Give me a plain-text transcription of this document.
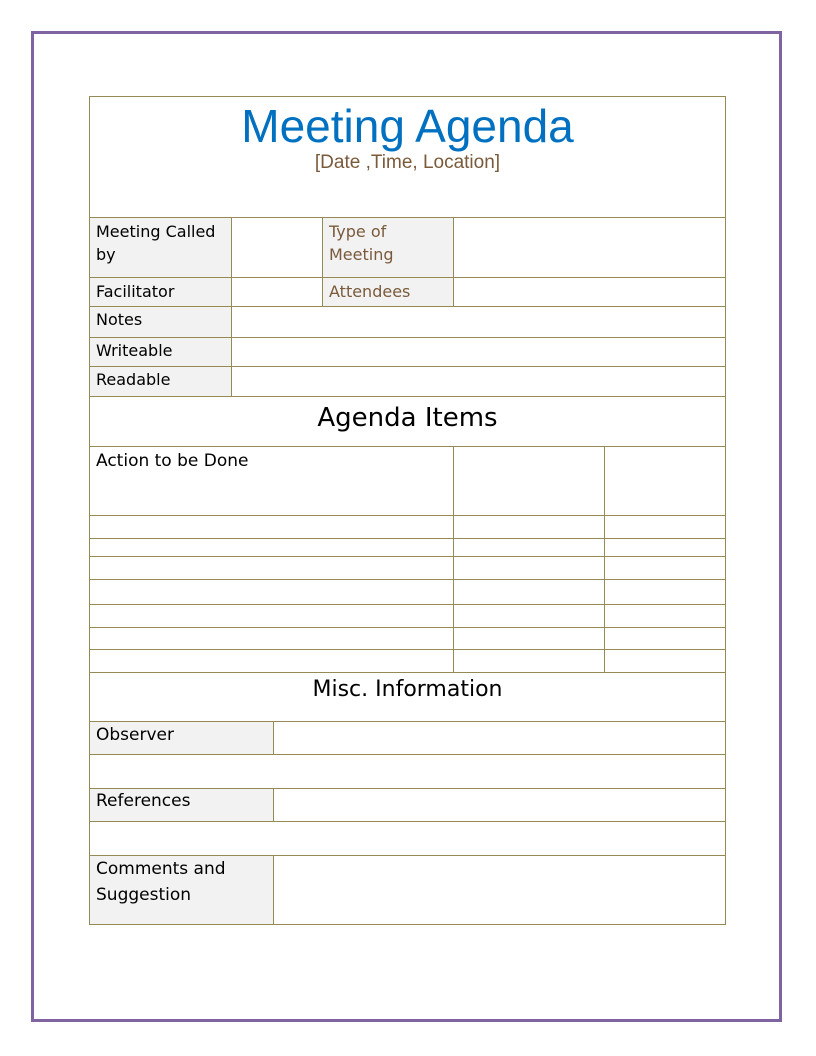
Meeting Agenda
[Date ,Time, Location]
Meeting Called by
Type of Meeting
Facilitator	Attendees
Notes
Writeable
Readable
Agenda Items
Action to be Done
Misc. Information
Observer
References
Comments and Suggestion
